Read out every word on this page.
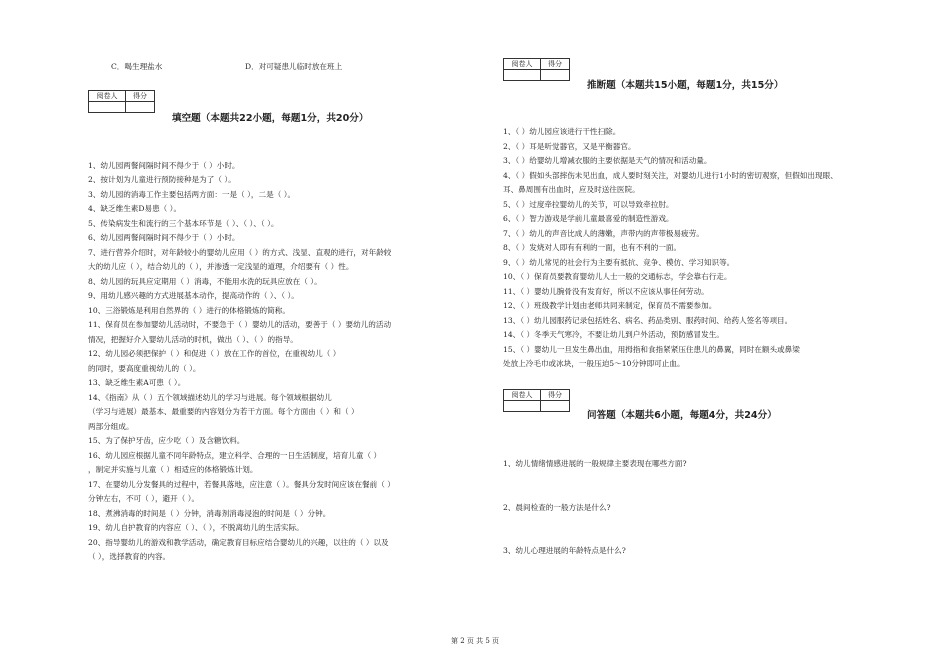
C．喝生理盐水	D．对可疑患儿临时放在班上
阅卷人	得分

填空题（本题共22小题，每题1分，共20分）
1、幼儿园两餐间隔时间不得少于（ ）小时。
2、按计划为儿童进行预防接种是为了（ ）。
3、幼儿园的消毒工作主要包括两方面：一是（ ），二是（ ）。
4、缺乏维生素D易患（ ）。
5、传染病发生和流行的三个基本环节是（ ）、（ ）、（ ）。
6、幼儿园两餐间隔时间不得少于（ ）小时。
7、进行营养介绍时，对年龄较小的婴幼儿应用（ ）的方式、浅显、直观的进行，对年龄较
大的幼儿应（ ），结合幼儿的（ ），并渗透一定浅显的道理，介绍要有（ ）性。
8、幼儿园的玩具应定期用（ ）消毒，不能用水洗的玩具应放在（ ）。
9、用幼儿感兴趣的方式进展基本动作，提高动作的（ ）、（ ）。
10、三浴锻炼是利用自然界的（ ）进行的体格锻炼的简称。
11、保育员在参加婴幼儿活动时，不要急于（ ）婴幼儿的活动，要善于（ ）要幼儿的活动
情况，把握好介入婴幼儿活动的时机，做出（ ）、（ ）的指导。
12、幼儿园必须把保护（ ）和促进（ ）放在工作的首位，在重视幼儿（ ）
的同时，要高度重视幼儿的（ ）。
13、缺乏维生素A可患（ ）。
14、《指南》从（ ）五个领域描述幼儿的学习与进展。每个领域根据幼儿
（学习与进展）最基本、最重要的内容划分为若干方面。每个方面由（ ）和（ ）
两部分组成。
15、为了保护牙齿，应少吃（ ）及含糖饮料。
16、幼儿园应根据儿童不同年龄特点，建立科学、合理的一日生活制度，培育儿童（ ）
，制定并实施与儿童（ ）相适应的体格锻炼计划。
17、在婴幼儿分发餐具的过程中，若餐具落地，应注意（ ）。餐具分发时间应该在餐前（ ）
分钟左右，不可（ ），避开（ ）。
18、煮沸消毒的时间是（ ）分钟，消毒剂消毒浸泡的时间是（ ）分钟。
19、幼儿自护教育的内容应（ ）、（ ），不脱离幼儿的生活实际。
20、指导婴幼儿的游戏和教学活动，确定教育目标应结合婴幼儿的兴趣，以往的（ ）以及
（ ），选择教育的内容。
阅卷人	得分

推断题（本题共15小题，每题1分，共15分）
1、（ ）幼儿园应该进行干性扫除。
2、（ ）耳是听觉器官，又是平衡器官。
3、（ ）给婴幼儿增减衣服的主要依据是天气的情况和活动量。
4、（ ）假如头部摔伤未见出血，成人要时刻关注，对婴幼儿进行1小时的密切观察，但假如出现眼、
耳、鼻周围有出血时，应及时送往医院。
5、（ ）过度牵拉婴幼儿的关节，可以导致牵拉肘。
6、（ ）智力游戏是学前儿童最喜爱的制造性游戏。
7、（ ）幼儿的声音比成人的薄嫩，声带内的声带极易疲劳。
8、（ ）发烧对人即有有利的一面，也有不利的一面。
9、（ ）幼儿常见的社会行为主要有抵抗、竞争、模仿、学习知识等。
10、（ ）保育员要教育婴幼儿人士一般的交通标志，学会靠右行走。
11、（ ）婴幼儿腕骨没有发育好，所以不应该从事任何劳动。
12、（ ）班级教学计划由老师共同来制定，保育员不需要参加。
13、（ ）幼儿园服药记录包括姓名、病名、药品类别、服药时间、给药人签名等项目。
14、（ ）冬季天气寒冷，不要让幼儿到户外活动，预防感冒发生。
15、（ ）婴幼儿一旦发生鼻出血，用拇指和食指紧紧压住患儿的鼻翼，同时在额头或鼻梁
处放上冷毛巾或冰块，一般压迫5～10分钟即可止血。
阅卷人	得分

问答题（本题共6小题，每题4分，共24分）
1、幼儿情绪情感进展的一般规律主要表现在哪些方面?
2、晨间检查的一般方法是什么?
3、幼儿心理进展的年龄特点是什么?
第 2 页 共 5 页
